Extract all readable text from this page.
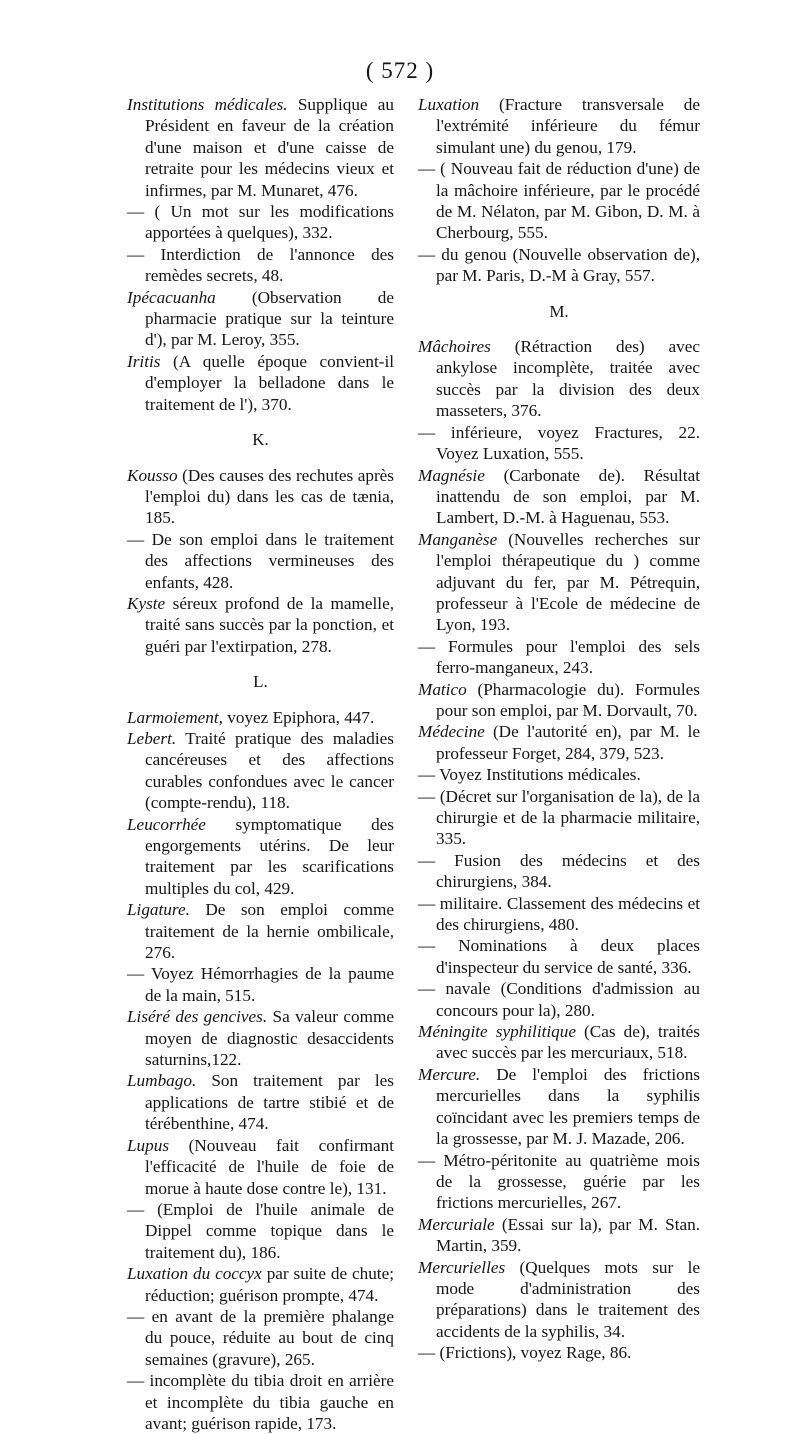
( 572 )
Institutions médicales. Supplique au Président en faveur de la création d'une maison et d'une caisse de retraite pour les médecins vieux et infirmes, par M. Munaret, 476.
— ( Un mot sur les modifications apportées à quelques), 332.
— Interdiction de l'annonce des remèdes secrets, 48.
Ipécacuanha (Observation de pharmacie pratique sur la teinture d'), par M. Leroy, 355.
Iritis (A quelle époque convient-il d'employer la belladone dans le traitement de l'), 370.
K.
Kousso (Des causes des rechutes après l'emploi du) dans les cas de tænia, 185.
— De son emploi dans le traitement des affections vermineuses des enfants, 428.
Kyste séreux profond de la mamelle, traité sans succès par la ponction, et guéri par l'extirpation, 278.
L.
Larmoiement, voyez Epiphora, 447.
Lebert. Traité pratique des maladies cancéreuses et des affections curables confondues avec le cancer (compte-rendu), 118.
Leucorrhée symptomatique des engorgements utérins. De leur traitement par les scarifications multiples du col, 429.
Ligature. De son emploi comme traitement de la hernie ombilicale, 276.
— Voyez Hémorrhagies de la paume de la main, 515.
Liséré des gencives. Sa valeur comme moyen de diagnostic desaccidents saturnins,122.
Lumbago. Son traitement par les applications de tartre stibié et de térébenthine, 474.
Lupus (Nouveau fait confirmant l'efficacité de l'huile de foie de morue à haute dose contre le), 131.
— (Emploi de l'huile animale de Dippel comme topique dans le traitement du), 186.
Luxation du coccyx par suite de chute; réduction; guérison prompte, 474.
— en avant de la première phalange du pouce, réduite au bout de cinq semaines (gravure), 265.
— incomplète du tibia droit en arrière et incomplète du tibia gauche en avant; guérison rapide, 173.
Luxation (Fracture transversale de l'extrémité inférieure du fémur simulant une) du genou, 179.
— ( Nouveau fait de réduction d'une) de la mâchoire inférieure, par le procédé de M. Nélaton, par M. Gibon, D. M. à Cherbourg, 555.
— du genou (Nouvelle observation de), par M. Paris, D.-M à Gray, 557.
M.
Mâchoires (Rétraction des) avec ankylose incomplète, traitée avec succès par la division des deux masseters, 376.
— inférieure, voyez Fractures, 22. Voyez Luxation, 555.
Magnésie (Carbonate de). Résultat inattendu de son emploi, par M. Lambert, D.-M. à Haguenau, 553.
Manganèse (Nouvelles recherches sur l'emploi thérapeutique du ) comme adjuvant du fer, par M. Pétrequin, professeur à l'Ecole de médecine de Lyon, 193.
— Formules pour l'emploi des sels ferro-manganeux, 243.
Matico (Pharmacologie du). Formules pour son emploi, par M. Dorvault, 70.
Médecine (De l'autorité en), par M. le professeur Forget, 284, 379, 523.
— Voyez Institutions médicales.
— (Décret sur l'organisation de la), de la chirurgie et de la pharmacie militaire, 335.
— Fusion des médecins et des chirurgiens, 384.
— militaire. Classement des médecins et des chirurgiens, 480.
— Nominations à deux places d'inspecteur du service de santé, 336.
— navale (Conditions d'admission au concours pour la), 280.
Méningite syphilitique (Cas de), traités avec succès par les mercuriaux, 518.
Mercure. De l'emploi des frictions mercurielles dans la syphilis coïncidant avec les premiers temps de la grossesse, par M. J. Mazade, 206.
— Métro-péritonite au quatrième mois de la grossesse, guérie par les frictions mercurielles, 267.
Mercuriale (Essai sur la), par M. Stan. Martin, 359.
Mercurielles (Quelques mots sur le mode d'administration des préparations) dans le traitement des accidents de la syphilis, 34.
— (Frictions), voyez Rage, 86.
